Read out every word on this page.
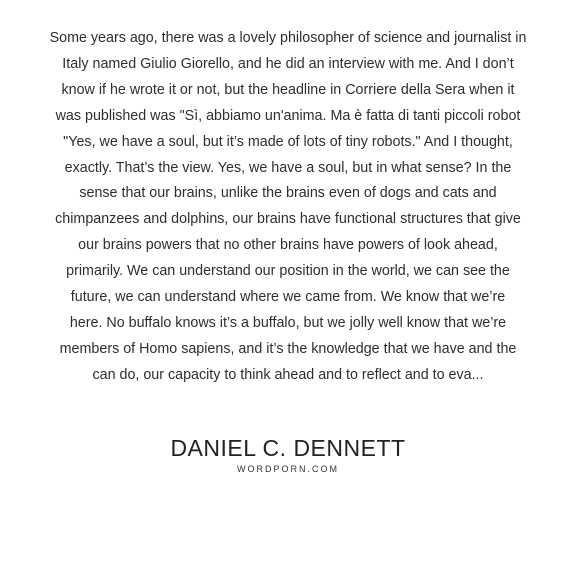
Some years ago, there was a lovely philosopher of science and journalist in
Italy named Giulio Giorello, and he did an interview with me. And I don’t
know if he wrote it or not, but the headline in Corriere della Sera when it
was published was "Sì, abbiamo un'anima. Ma è fatta di tanti piccoli robot
"Yes, we have a soul, but it’s made of lots of tiny robots." And I thought,
exactly. That’s the view. Yes, we have a soul, but in what sense? In the
sense that our brains, unlike the brains even of dogs and cats and
chimpanzees and dolphins, our brains have functional structures that give
our brains powers that no other brains have powers of look ahead,
primarily. We can understand our position in the world, we can see the
future, we can understand where we came from. We know that we’re
here. No buffalo knows it’s a buffalo, but we jolly well know that we’re
members of Homo sapiens, and it’s the knowledge that we have and the
can do, our capacity to think ahead and to reflect and to eva...

DANIEL C. DENNETT
WORDPORN.COM
